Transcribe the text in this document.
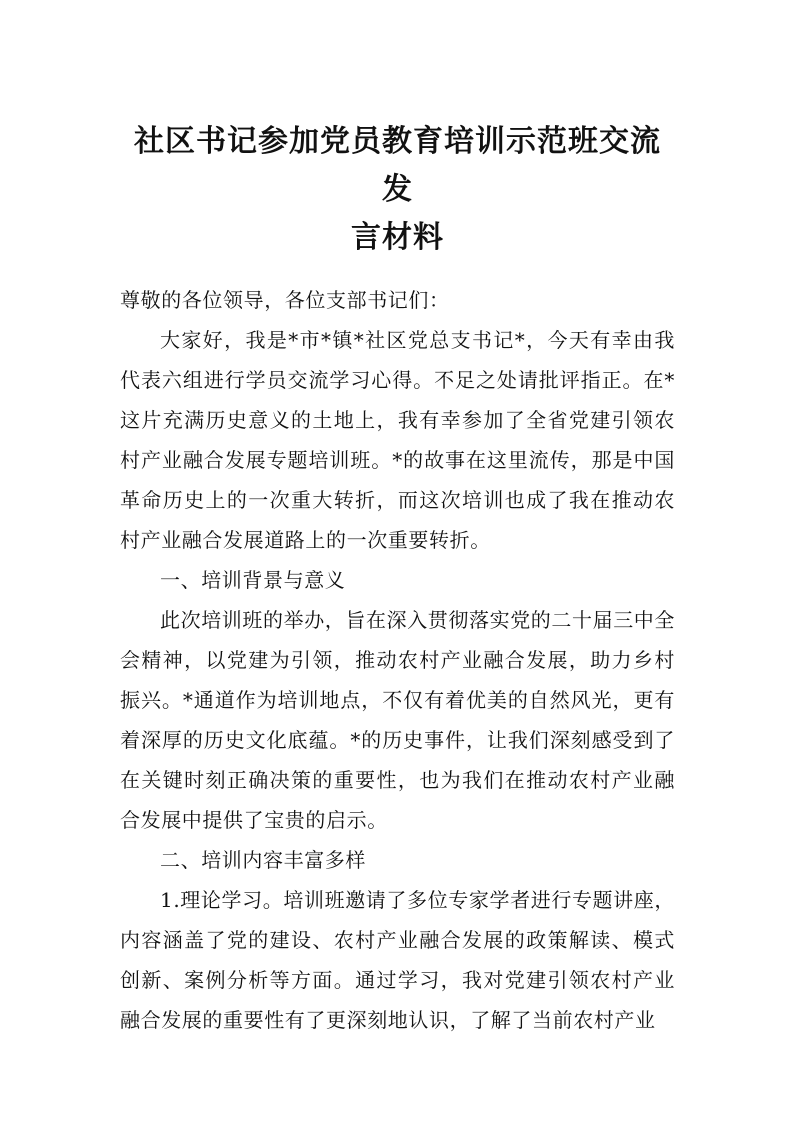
社区书记参加党员教育培训示范班交流发
言材料

尊敬的各位领导，各位支部书记们：

大家好，我是*市*镇*社区党总支书记*，今天有幸由我代表六组进行学员交流学习心得。不足之处请批评指正。在*这片充满历史意义的土地上，我有幸参加了全省党建引领农村产业融合发展专题培训班。*的故事在这里流传，那是中国革命历史上的一次重大转折，而这次培训也成了我在推动农村产业融合发展道路上的一次重要转折。

一、培训背景与意义

此次培训班的举办，旨在深入贯彻落实党的二十届三中全会精神，以党建为引领，推动农村产业融合发展，助力乡村振兴。*通道作为培训地点，不仅有着优美的自然风光，更有着深厚的历史文化底蕴。*的历史事件，让我们深刻感受到了在关键时刻正确决策的重要性，也为我们在推动农村产业融合发展中提供了宝贵的启示。

二、培训内容丰富多样

1.理论学习。培训班邀请了多位专家学者进行专题讲座，内容涵盖了党的建设、农村产业融合发展的政策解读、模式创新、案例分析等方面。通过学习，我对党建引领农村产业融合发展的重要性有了更深刻地认识，了解了当前农村产业
